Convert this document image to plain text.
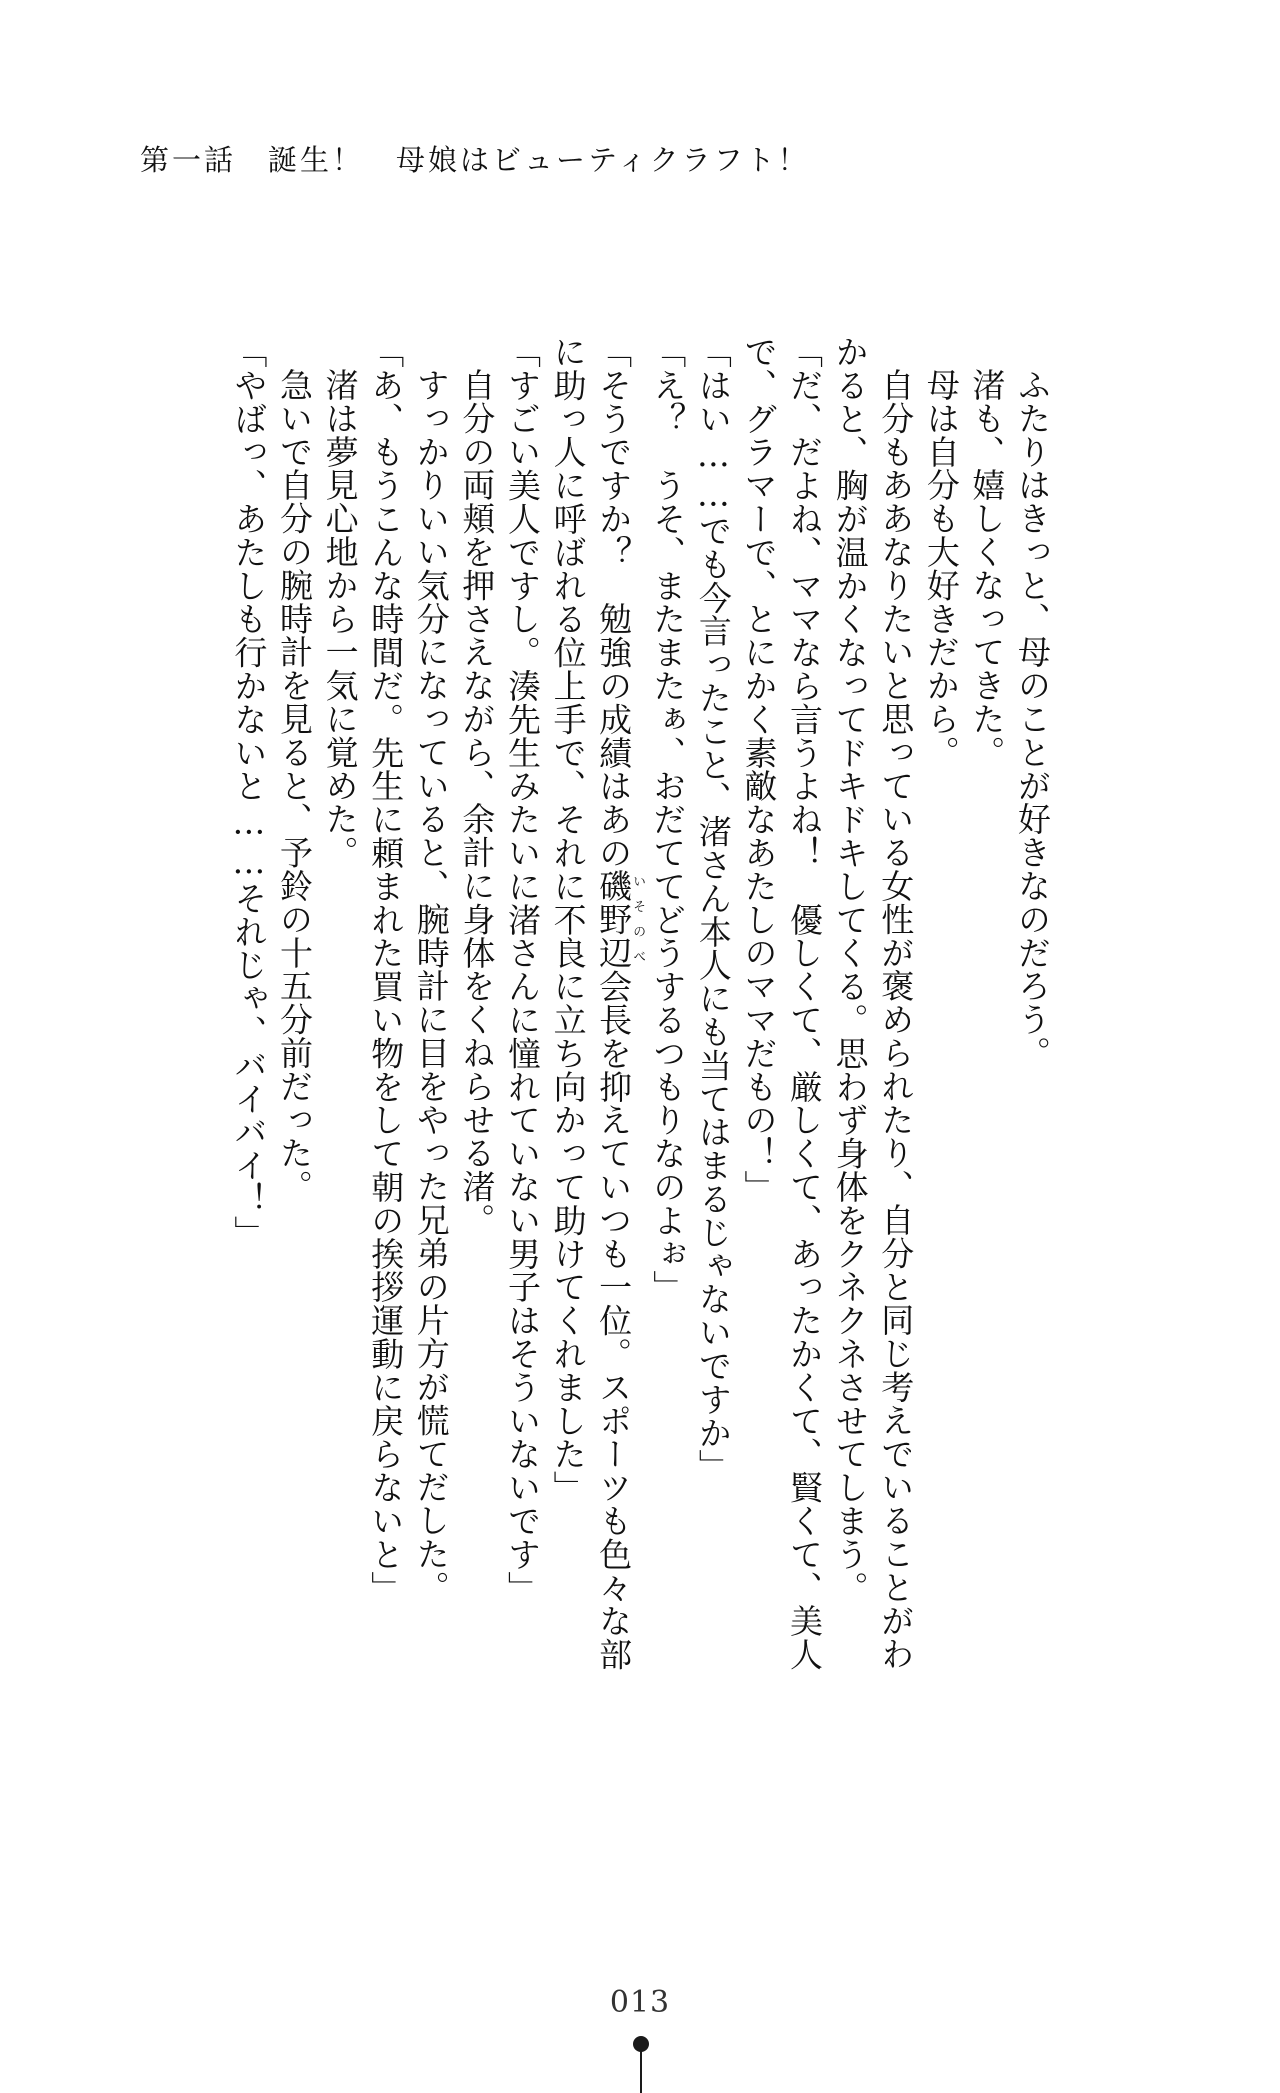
第一話　誕生！　母娘はビューティクラフト！

ふたりはきっと、母のことが好きなのだろう。

渚も、嬉しくなってきた。

母は自分も大好きだから。

自分もああなりたいと思っている女性が褒められたり、自分と同じ考えでいることがわ

かると、胸が温かくなってドキドキしてくる。思わず身体をクネクネさせてしまう。

「だ、だよね、ママなら言うよね！　優しくて、厳しくて、あったかくて、賢くて、美人

で、グラマーで、とにかく素敵なあたしのママだもの！」

「はい……でも今言ったこと、渚さん本人にも当てはまるじゃないですか」

「え？　うそ、またまたぁ、おだててどうするつもりなのよぉ」

「そうですか？　勉強の成績はあの磯野辺いそのべ会長を抑えていつも一位。スポーツも色々な部

に助っ人に呼ばれる位上手で、それに不良に立ち向かって助けてくれました」

「すごい美人ですし。湊先生みたいに渚さんに憧れていない男子はそういないです」

自分の両頬を押さえながら、余計に身体をくねらせる渚。

すっかりいい気分になっていると、腕時計に目をやった兄弟の片方が慌てだした。

「あ、もうこんな時間だ。先生に頼まれた買い物をして朝の挨拶運動に戻らないと」

渚は夢見心地から一気に覚めた。

急いで自分の腕時計を見ると、予鈴の十五分前だった。

「やばっ、あたしも行かないと……それじゃ、バイバイ！」

013
